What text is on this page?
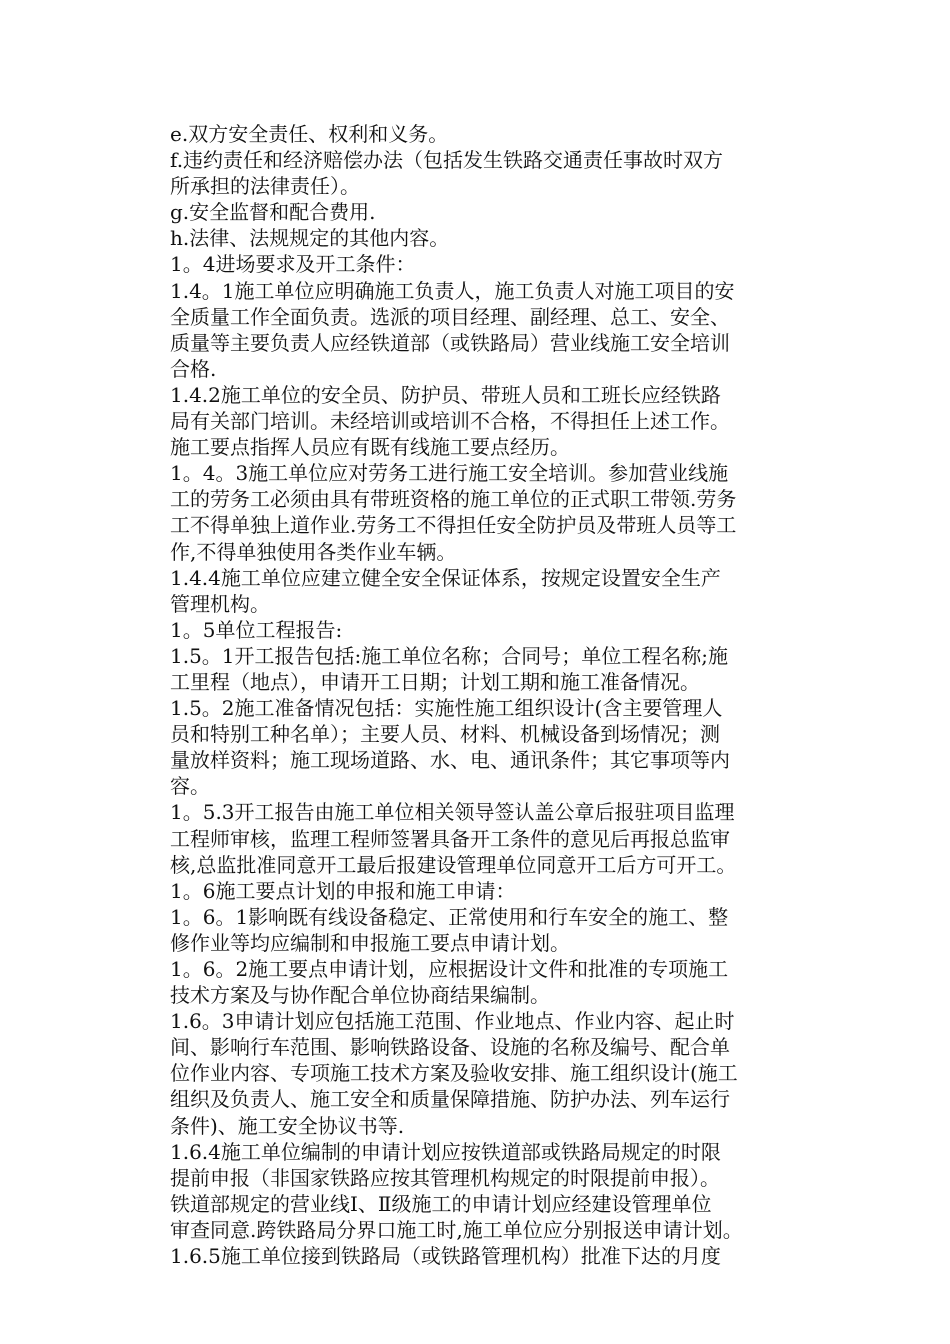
e.双方安全责任、权利和义务。
f.违约责任和经济赔偿办法（包括发生铁路交通责任事故时双方
所承担的法律责任）。
g.安全监督和配合费用.
h.法律、法规规定的其他内容。
1。4进场要求及开工条件：
1.4。1施工单位应明确施工负责人，施工负责人对施工项目的安
全质量工作全面负责。选派的项目经理、副经理、总工、安全、
质量等主要负责人应经铁道部（或铁路局）营业线施工安全培训
合格.
1.4.2施工单位的安全员、防护员、带班人员和工班长应经铁路
局有关部门培训。未经培训或培训不合格，不得担任上述工作。
施工要点指挥人员应有既有线施工要点经历。
1。4。3施工单位应对劳务工进行施工安全培训。参加营业线施
工的劳务工必须由具有带班资格的施工单位的正式职工带领.劳务
工不得单独上道作业.劳务工不得担任安全防护员及带班人员等工
作,不得单独使用各类作业车辆。
1.4.4施工单位应建立健全安全保证体系，按规定设置安全生产
管理机构。
1。5单位工程报告:
1.5。1开工报告包括:施工单位名称；合同号；单位工程名称;施
工里程（地点），申请开工日期；计划工期和施工准备情况。
1.5。2施工准备情况包括：实施性施工组织设计(含主要管理人
员和特别工种名单）；主要人员、材料、机械设备到场情况；测
量放样资料；施工现场道路、水、电、通讯条件；其它事项等内
容。
1。5.3开工报告由施工单位相关领导签认盖公章后报驻项目监理
工程师审核，监理工程师签署具备开工条件的意见后再报总监审
核,总监批准同意开工最后报建设管理单位同意开工后方可开工。
1。6施工要点计划的申报和施工申请：
1。6。1影响既有线设备稳定、正常使用和行车安全的施工、整
修作业等均应编制和申报施工要点申请计划。
1。6。2施工要点申请计划，应根据设计文件和批准的专项施工
技术方案及与协作配合单位协商结果编制。
1.6。3申请计划应包括施工范围、作业地点、作业内容、起止时
间、影响行车范围、影响铁路设备、设施的名称及编号、配合单
位作业内容、专项施工技术方案及验收安排、施工组织设计(施工
组织及负责人、施工安全和质量保障措施、防护办法、列车运行
条件)、施工安全协议书等.
1.6.4施工单位编制的申请计划应按铁道部或铁路局规定的时限
提前申报（非国家铁路应按其管理机构规定的时限提前申报）。
铁道部规定的营业线Ⅰ、Ⅱ级施工的申请计划应经建设管理单位
审查同意.跨铁路局分界口施工时,施工单位应分别报送申请计划。
1.6.5施工单位接到铁路局（或铁路管理机构）批准下达的月度
